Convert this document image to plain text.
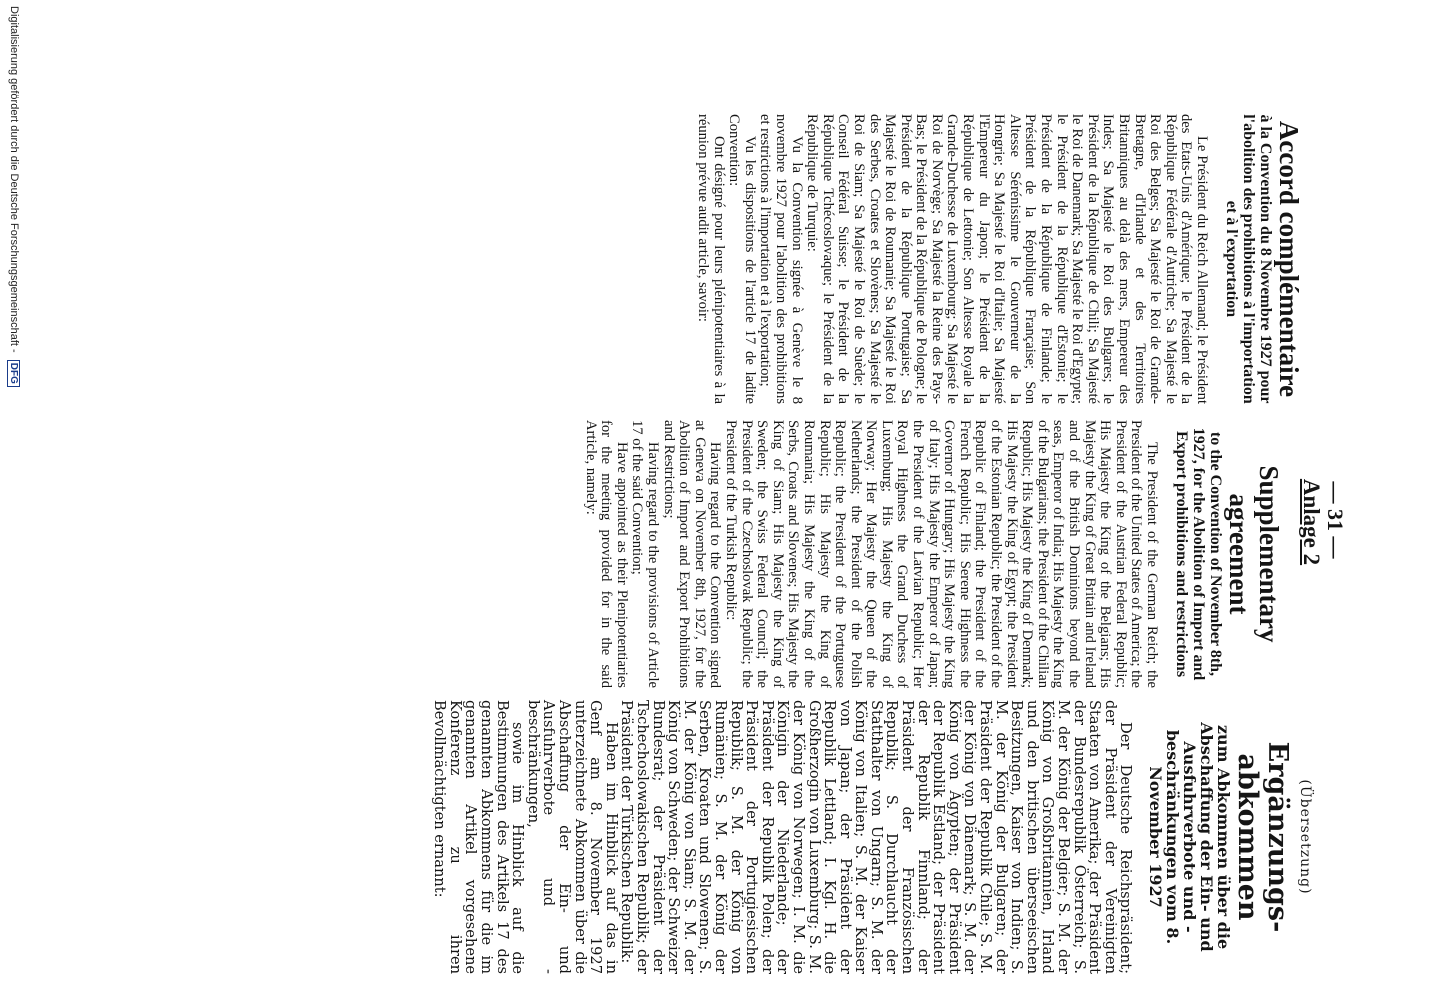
— 31 —
Anlage 2

Accord complémentaire

à la Convention du 8 Novembre 1927 pour l'abolition des prohibitions à l'importation et à l'exportation

Le Président du Reich Allemand; le Président des Etats-Unis d'Amérique; le Président de la République Fédérale d'Autriche; Sa Majesté le Roi des Belges; Sa Majesté le Roi de Grande-Bretagne, d'Irlande et des Territoires Britanniques au delà des mers, Empereur des Indes; Sa Majesté le Roi des Bulgares; le Président de la République de Chili; Sa Majesté le Roi de Danemark; Sa Majesté le Roi d'Egypte; le Président de la République d'Estonie; le Président de la République de Finlande; le Président de la République Française; Son Altesse Sérénissime le Gouverneur de la Hongrie; Sa Majesté le Roi d'Italie; Sa Majesté l'Empereur du Japon; le Président de la République de Lettonie; Son Altesse Royale la Grande-Duchesse de Luxembourg; Sa Majesté le Roi de Norvège; Sa Majesté la Reine des Pays-Bas; le Président de la République de Pologne; le Président de la République Portugaise; Sa Majesté le Roi de Roumanie; Sa Majesté le Roi des Serbes, Croates et Slovènes; Sa Majesté le Roi de Siam; Sa Majesté le Roi de Suède; le Conseil Fédéral Suisse; le Président de la République Tchécoslovaque; le Président de la République de Turquie:

Vu la Convention signée à Genève le 8 novembre 1927 pour l'abolition des prohibitions et restrictions à l'importation et à l'exportation;

Vu les dispositions de l'article 17 de ladite Convention:

Ont désigné pour leurs plénipotentiaires à la réunion prévue audit article, savoir:

Supplementary agreement

to the Convention of November 8th, 1927, for the Abolition of Import and Export prohibitions and restrictions

The President of the German Reich; the President of the United States of America; the President of the Austrian Federal Republic; His Majesty the King of the Belgians; His Majesty the King of Great Britain and Ireland and of the British Dominions beyond the seas, Emperor of India; His Majesty the King of the Bulgarians; the President of the Chilian Republic; His Majesty the King of Denmark; His Majesty the King of Egypt; the President of the Estonian Republic; the President of the Republic of Finland; the President of the French Republic; His Serene Highness the Governor of Hungary; His Majesty the King of Italy; His Majesty the Emperor of Japan; the President of the Latvian Republic; Her Royal Highness the Grand Duchess of Luxemburg; His Majesty the King of Norway; Her Majesty the Queen of the Netherlands; the President of the Polish Republic; the President of the Portuguese Republic; His Majesty the King of Roumania; His Majesty the King of the Serbs, Croats and Slovenes; His Majesty the King of Siam; His Majesty the King of Sweden; the Swiss Federal Council; the President of the Czechoslovak Republic; the President of the Turkish Republic:

Having regard to the Convention signed at Geneva on November 8th, 1927, for the Abolition of Import and Export Prohibitions and Restrictions;

Having regard to the provisions of Article 17 of the said Convention;

Have appointed as their Plenipotentiaries for the meeting provided for in the said Article, namely:

(Übersetzung)

Ergänzungs-abkommen

zum Abkommen über die Abschaffung der Ein- und Ausfuhrverbote und -beschränkungen vom 8. November 1927

Der Deutsche Reichspräsident; der Präsident der Vereinigten Staaten von Amerika; der Präsident der Bundesrepublik Österreich; S. M. der König der Belgier; S. M. der König von Großbritannien, Irland und den britischen überseeischen Besitzungen, Kaiser von Indien; S. M. der König der Bulgaren; der Präsident der Republik Chile; S. M. der König von Dänemark; S. M. der König von Ägypten; der Präsident der Republik Estland; der Präsident der Republik Finnland; der Präsident der Französischen Republik; S. Durchlaucht der Statthalter von Ungarn; S. M. der König von Italien; S. M. der Kaiser von Japan; der Präsident der Republik Lettland; I. Kgl. H. die Großherzogin von Luxemburg; S. M. der König von Norwegen; I. M. die Königin der Niederlande; der Präsident der Republik Polen; der Präsident der Portugiesischen Republik; S. M. der König von Rumänien; S. M. der König der Serben, Kroaten und Slowenen; S. M. der König von Siam; S. M. der König von Schweden; der Schweizer Bundesrat; der Präsident der Tschechoslowakischen Republik; der Präsident der Türkischen Republik:

Haben im Hinblick auf das in Genf am 8. November 1927 unterzeichnete Abkommen über die Abschaffung der Ein- und Ausfuhrverbote und -beschränkungen,

sowie im Hinblick auf die Bestimmungen des Artikels 17 des genannten Abkommens für die im genannten Artikel vorgesehene Konferenz zu ihren Bevollmächtigten ernannt:

Digitalisierung gefördert durch die Deutsche Forschungsgemeinschaft - DFG
